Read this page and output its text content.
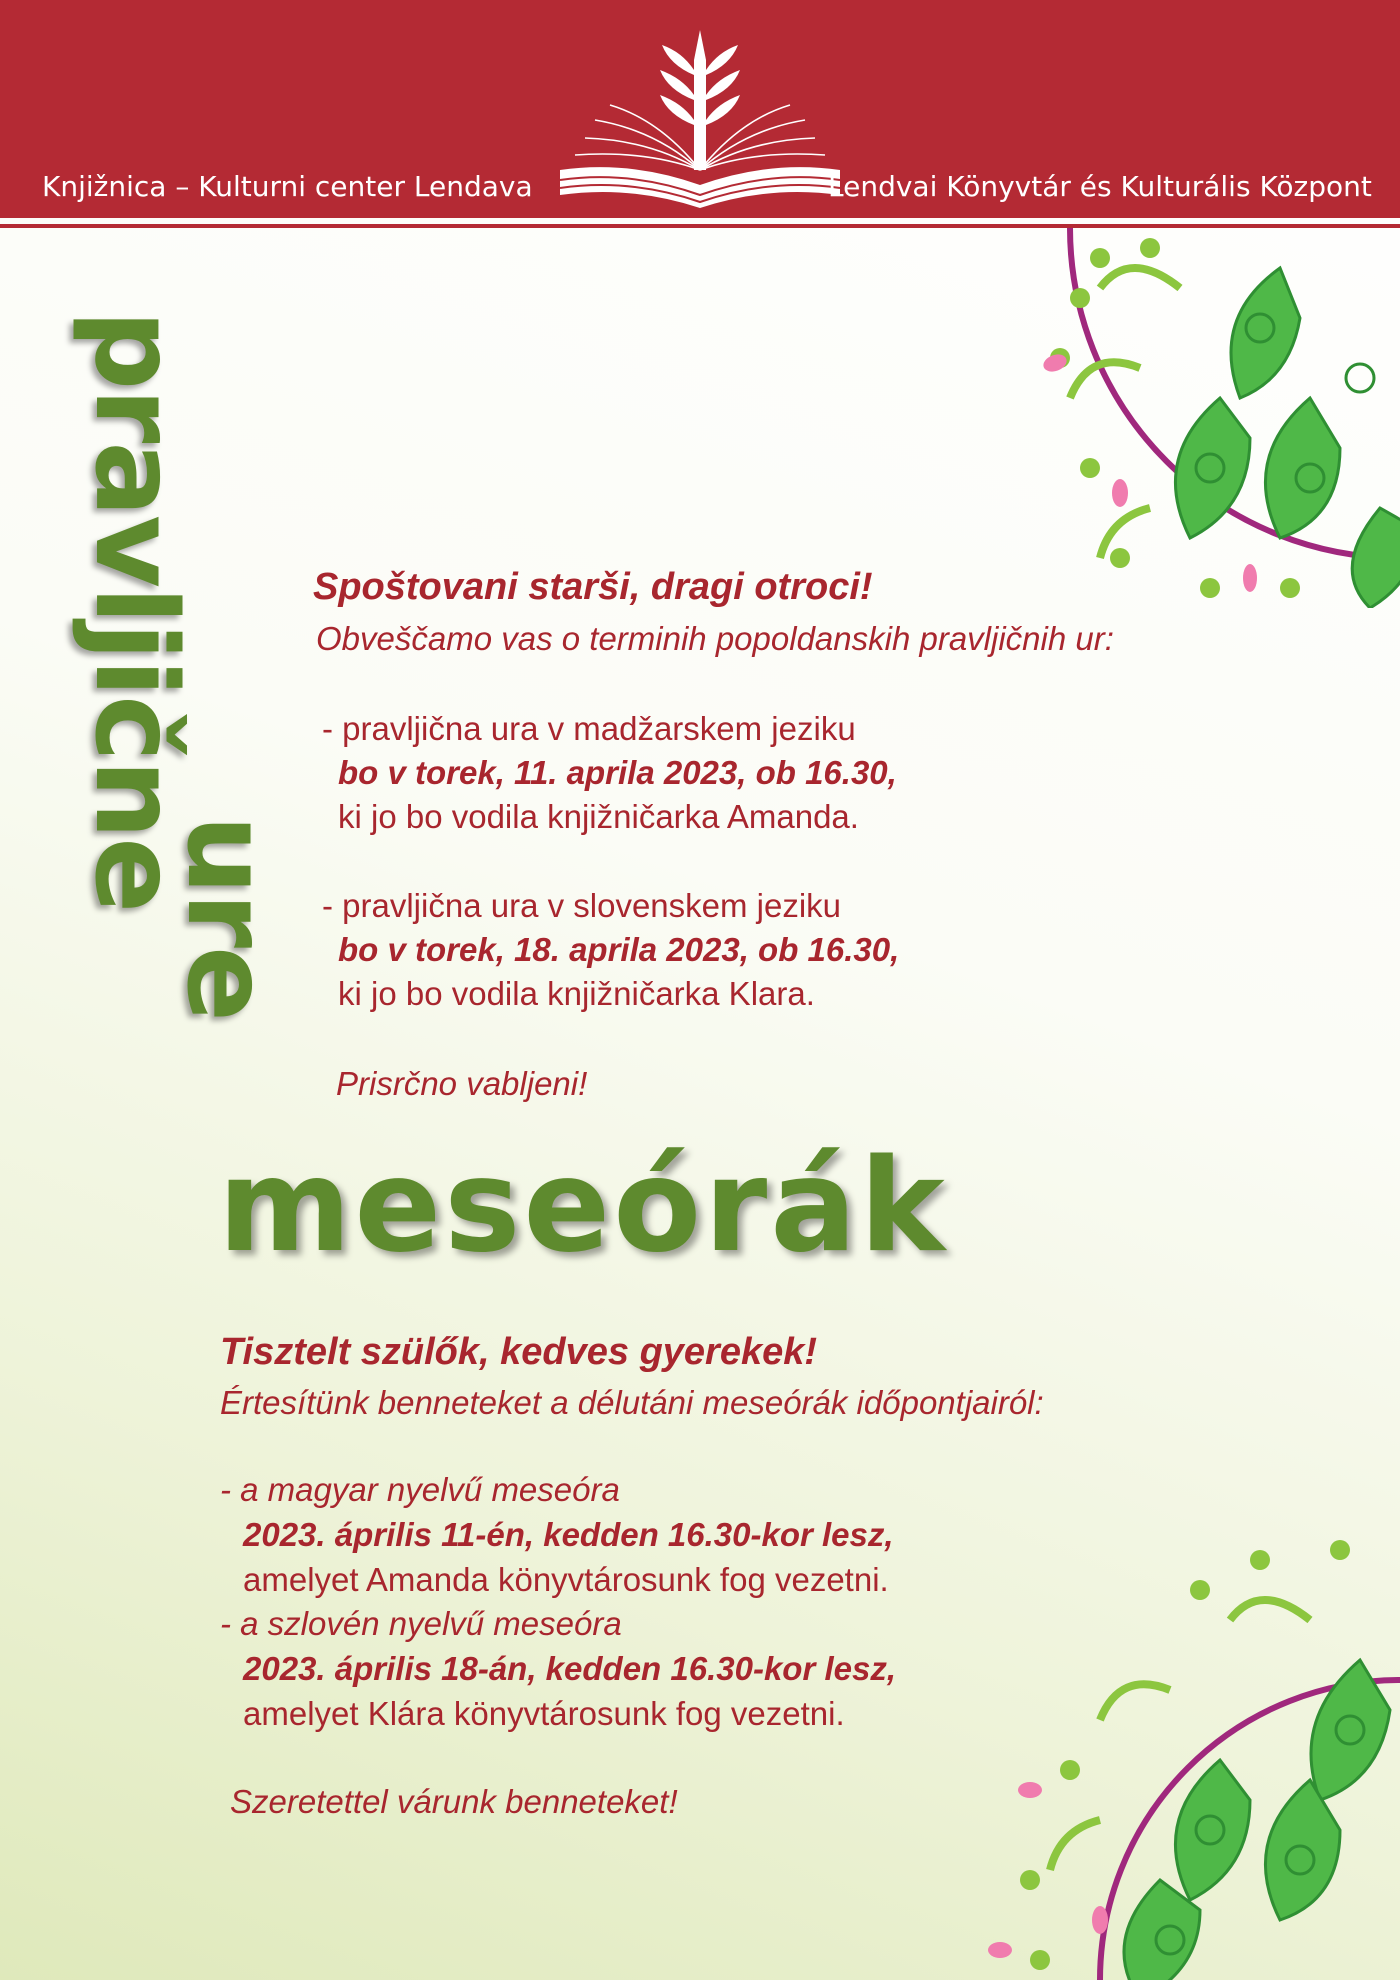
Knjižnica – Kulturni center Lendava	Lendvai Könyvtár és Kulturális Központ
pravljične
ure
Spoštovani starši, dragi otroci!
Obveščamo vas o terminih popoldanskih pravljičnih ur:
- pravljična ura v madžarskem jeziku
bo v torek, 11. aprila 2023, ob 16.30,
ki jo bo vodila knjižničarka Amanda.
- pravljična ura v slovenskem jeziku
bo v torek, 18. aprila 2023, ob 16.30,
ki jo bo vodila knjižničarka Klara.
Prisrčno vabljeni!
meseórák
Tisztelt szülők, kedves gyerekek!
Értesítünk benneteket a délutáni meseórák időpontjairól:
- a magyar nyelvű meseóra
2023. április 11-én, kedden 16.30-kor lesz,
amelyet Amanda könyvtárosunk fog vezetni.
- a szlovén nyelvű meseóra
2023. április 18-án, kedden 16.30-kor lesz,
amelyet Klára könyvtárosunk fog vezetni.
Szeretettel várunk benneteket!
